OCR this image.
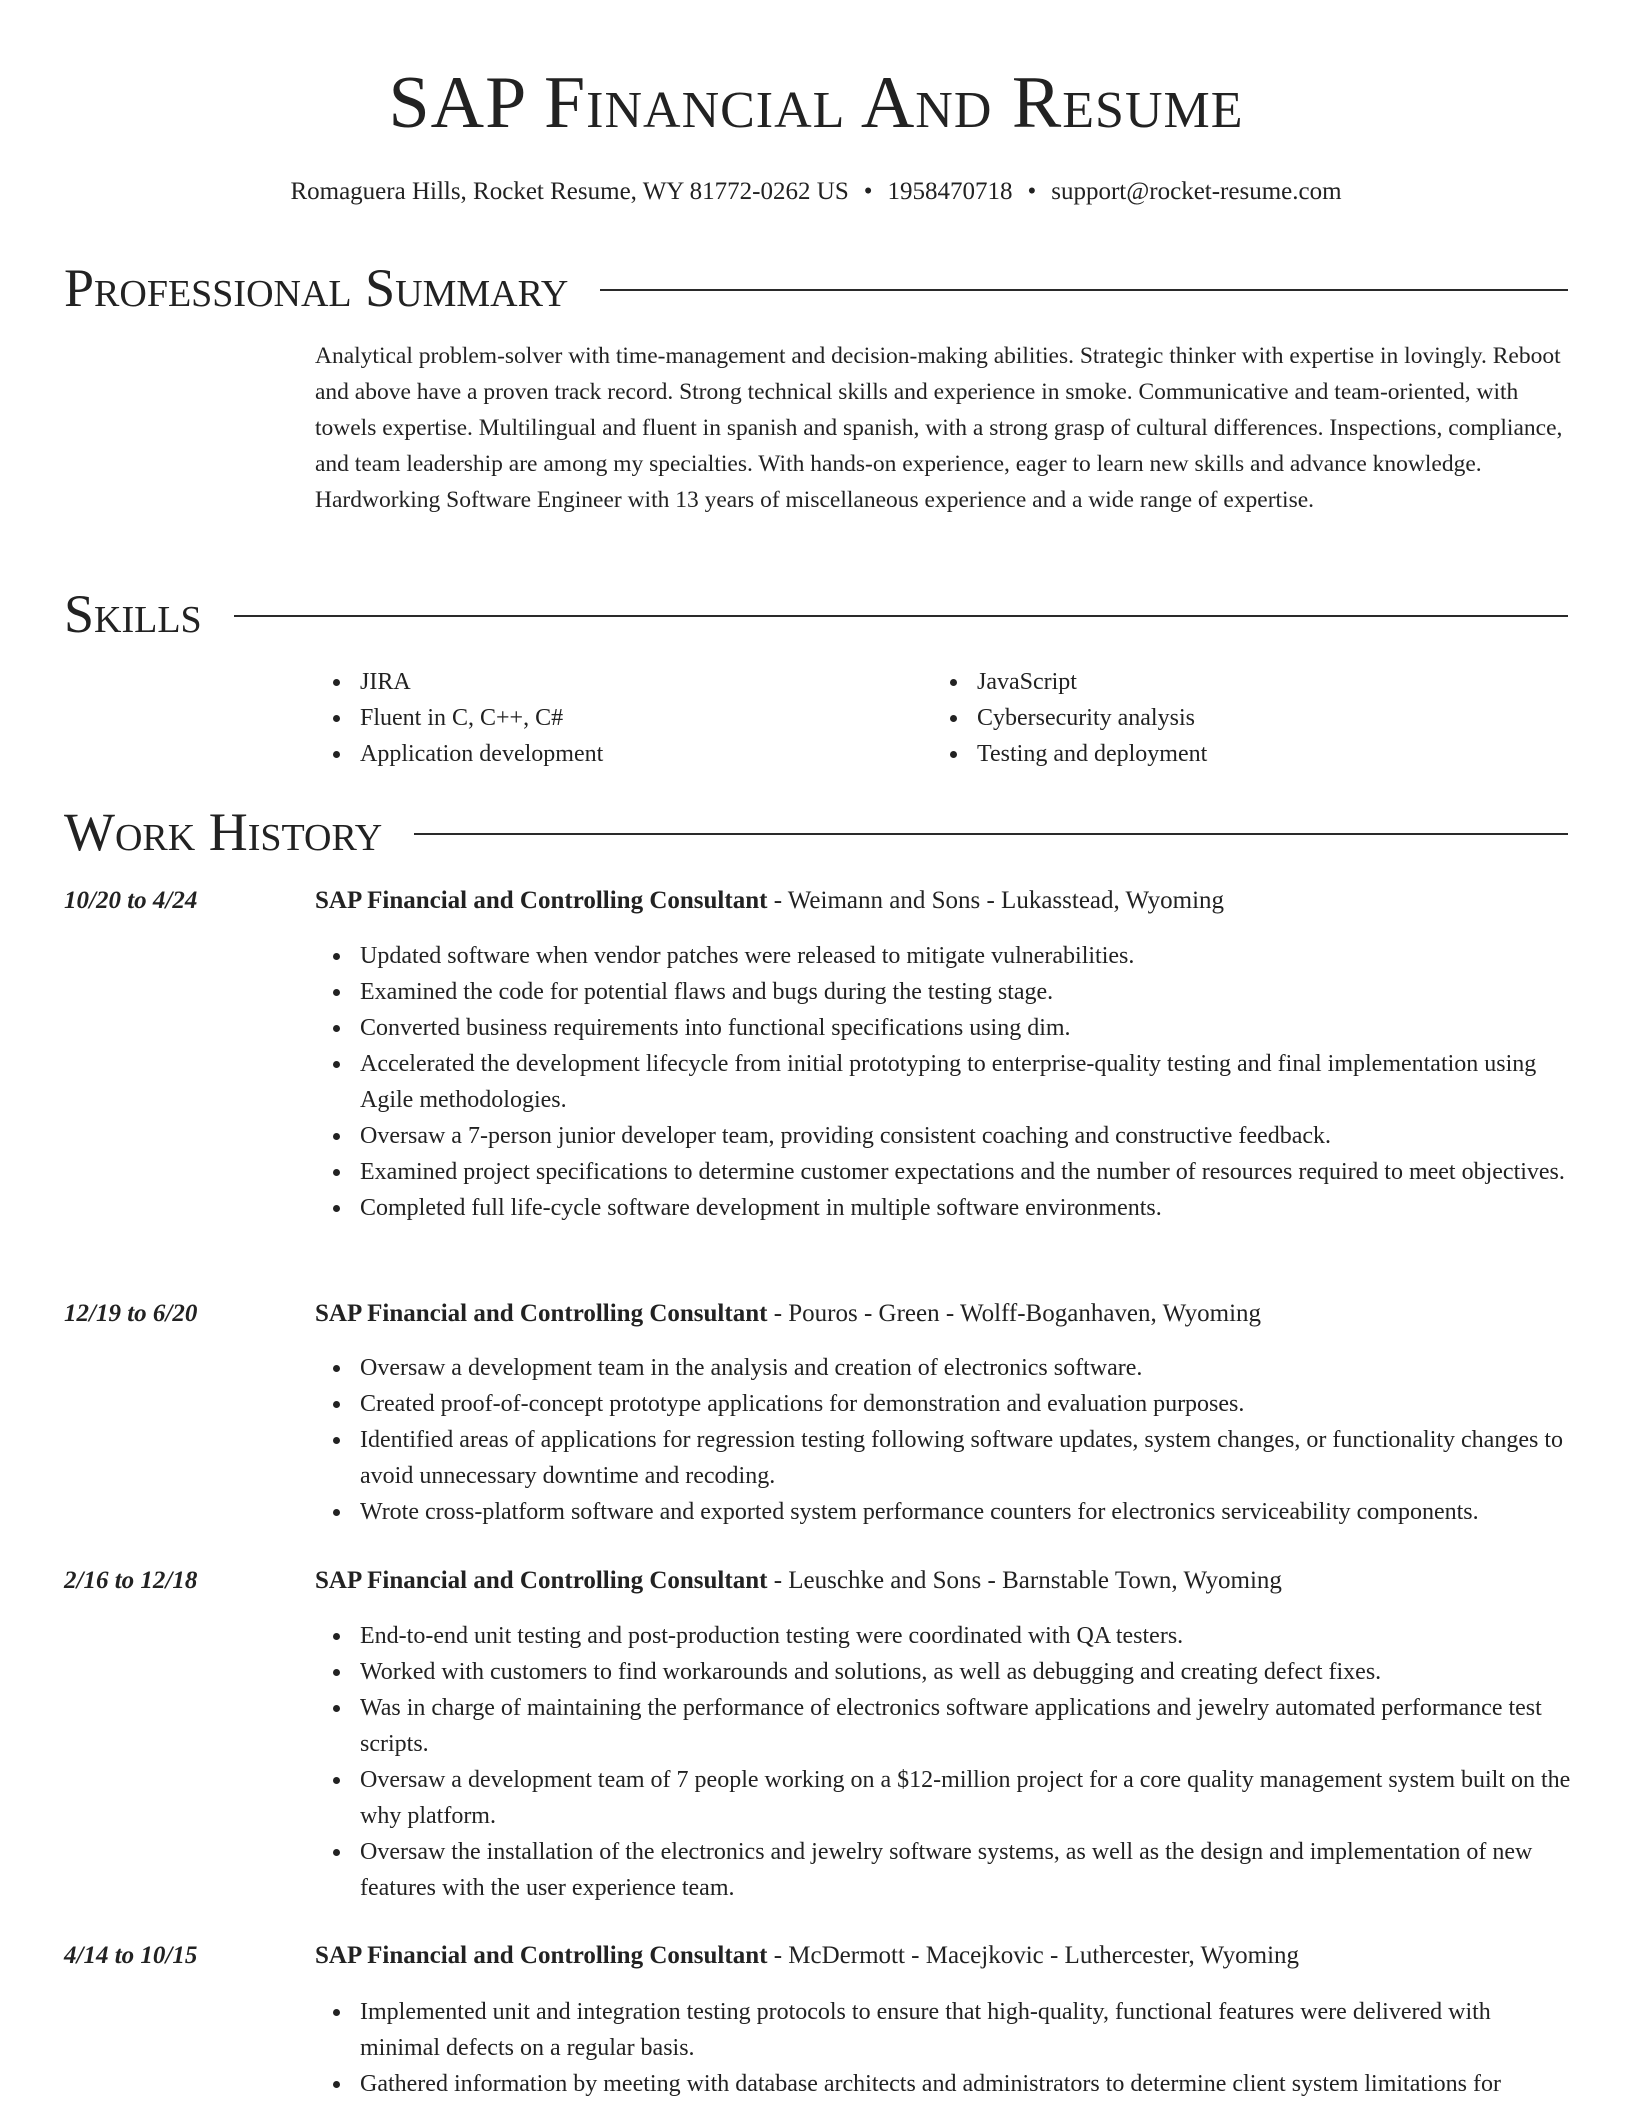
SAP Financial And Resume
Romaguera Hills, Rocket Resume, WY 81772-0262 US • 1958470718 • support@rocket-resume.com
Professional Summary

Analytical problem-solver with time-management and decision-making abilities. Strategic thinker with expertise in lovingly. Reboot and above have a proven track record. Strong technical skills and experience in smoke. Communicative and team-oriented, with towels expertise. Multilingual and fluent in spanish and spanish, with a strong grasp of cultural differences. Inspections, compliance, and team leadership are among my specialties. With hands-on experience, eager to learn new skills and advance knowledge. Hardworking Software Engineer with 13 years of miscellaneous experience and a wide range of expertise.

Skills
JIRA
Fluent in C, C++, C#
Application development
JavaScript
Cybersecurity analysis
Testing and deployment
Work History
10/20 to 4/24	SAP Financial and Controlling Consultant - Weimann and Sons - Lukasstead, Wyoming
Updated software when vendor patches were released to mitigate vulnerabilities.
Examined the code for potential flaws and bugs during the testing stage.
Converted business requirements into functional specifications using dim.
Accelerated the development lifecycle from initial prototyping to enterprise-quality testing and final implementation using Agile methodologies.
Oversaw a 7-person junior developer team, providing consistent coaching and constructive feedback.
Examined project specifications to determine customer expectations and the number of resources required to meet objectives.
Completed full life-cycle software development in multiple software environments.
12/19 to 6/20	SAP Financial and Controlling Consultant - Pouros - Green - Wolff-Boganhaven, Wyoming
Oversaw a development team in the analysis and creation of electronics software.
Created proof-of-concept prototype applications for demonstration and evaluation purposes.
Identified areas of applications for regression testing following software updates, system changes, or functionality changes to avoid unnecessary downtime and recoding.
Wrote cross-platform software and exported system performance counters for electronics serviceability components.
2/16 to 12/18	SAP Financial and Controlling Consultant - Leuschke and Sons - Barnstable Town, Wyoming
End-to-end unit testing and post-production testing were coordinated with QA testers.
Worked with customers to find workarounds and solutions, as well as debugging and creating defect fixes.
Was in charge of maintaining the performance of electronics software applications and jewelry automated performance test scripts.
Oversaw a development team of 7 people working on a $12-million project for a core quality management system built on the why platform.
Oversaw the installation of the electronics and jewelry software systems, as well as the design and implementation of new features with the user experience team.
4/14 to 10/15	SAP Financial and Controlling Consultant - McDermott - Macejkovic - Luthercester, Wyoming
Implemented unit and integration testing protocols to ensure that high-quality, functional features were delivered with minimal defects on a regular basis.
Gathered information by meeting with database architects and administrators to determine client system limitations for
